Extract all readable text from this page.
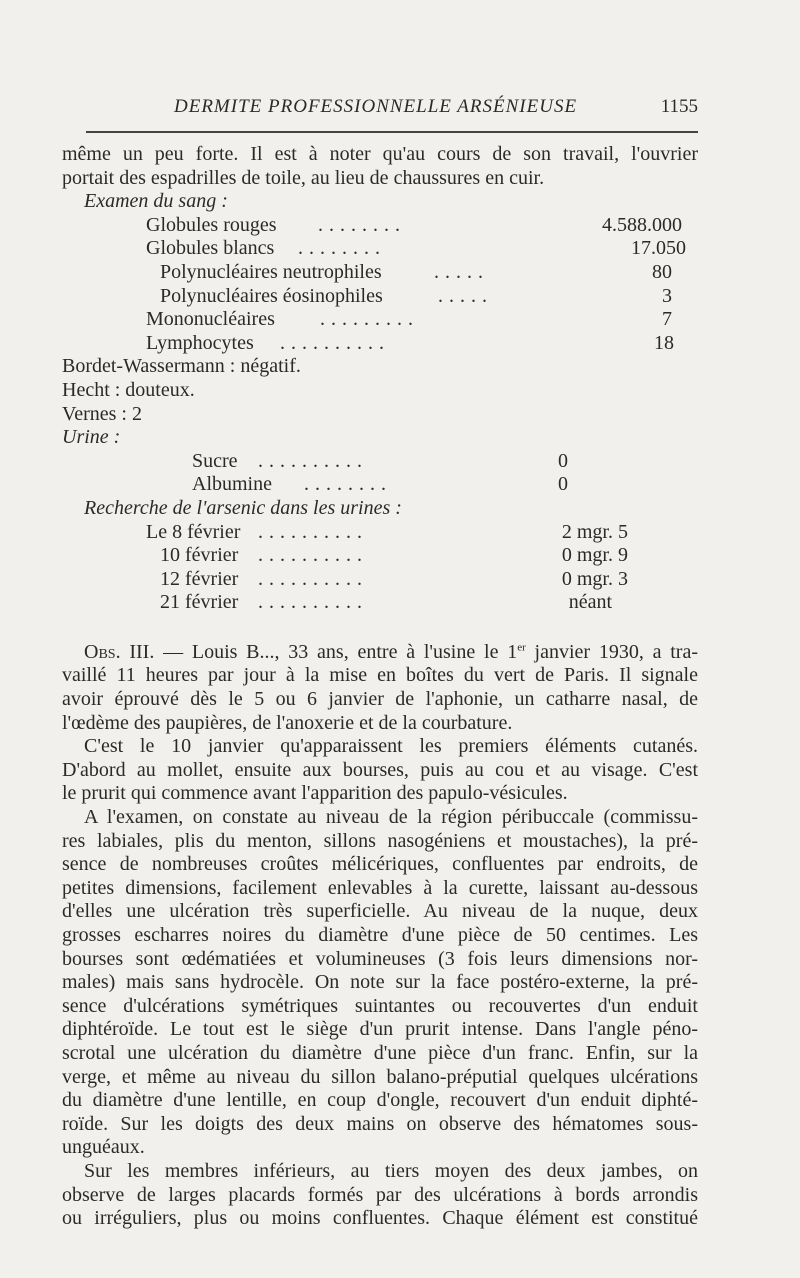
DERMITE PROFESSIONNELLE ARSÉNIEUSE	1155
même un peu forte. Il est à noter qu'au cours de son travail, l'ouvrier
portait des espadrilles de toile, au lieu de chaussures en cuir.
Examen du sang :
Globules rouges ........	4.588.000
Globules blancs ........	17.050
Polynucléaires neutrophiles	.....	80
Polynucléaires éosinophiles	.....	3
Mononucléaires .........	7
Lymphocytes ..........	18
Bordet-Wassermann : négatif.
Hecht : douteux.
Vernes : 2
Urine :
Sucre ..........	0
Albumine ........	0
Recherche de l'arsenic dans les urines :
Le 8 février ..........	2 mgr. 5
10 février ..........	0 mgr. 9
12 février ..........	0 mgr. 3
21 février ..........	néant
Obs. III. — Louis B..., 33 ans, entre à l'usine le 1er janvier 1930, a tra-
vaillé 11 heures par jour à la mise en boîtes du vert de Paris. Il signale
avoir éprouvé dès le 5 ou 6 janvier de l'aphonie, un catharre nasal, de
l'œdème des paupières, de l'anoxerie et de la courbature.
C'est le 10 janvier qu'apparaissent les premiers éléments cutanés.
D'abord au mollet, ensuite aux bourses, puis au cou et au visage. C'est
le prurit qui commence avant l'apparition des papulo-vésicules.
A l'examen, on constate au niveau de la région péribuccale (commissu-
res labiales, plis du menton, sillons nasogéniens et moustaches), la pré-
sence de nombreuses croûtes mélicériques, confluentes par endroits, de
petites dimensions, facilement enlevables à la curette, laissant au-dessous
d'elles une ulcération très superficielle. Au niveau de la nuque, deux
grosses escharres noires du diamètre d'une pièce de 50 centimes. Les
bourses sont œdématiées et volumineuses (3 fois leurs dimensions nor-
males) mais sans hydrocèle. On note sur la face postéro-externe, la pré-
sence d'ulcérations symétriques suintantes ou recouvertes d'un enduit
diphtéroïde. Le tout est le siège d'un prurit intense. Dans l'angle péno-
scrotal une ulcération du diamètre d'une pièce d'un franc. Enfin, sur la
verge, et même au niveau du sillon balano-préputial quelques ulcérations
du diamètre d'une lentille, en coup d'ongle, recouvert d'un enduit diphté-
roïde. Sur les doigts des deux mains on observe des hématomes sous-
unguéaux.
Sur les membres inférieurs, au tiers moyen des deux jambes, on
observe de larges placards formés par des ulcérations à bords arrondis
ou irréguliers, plus ou moins confluentes. Chaque élément est constitué
